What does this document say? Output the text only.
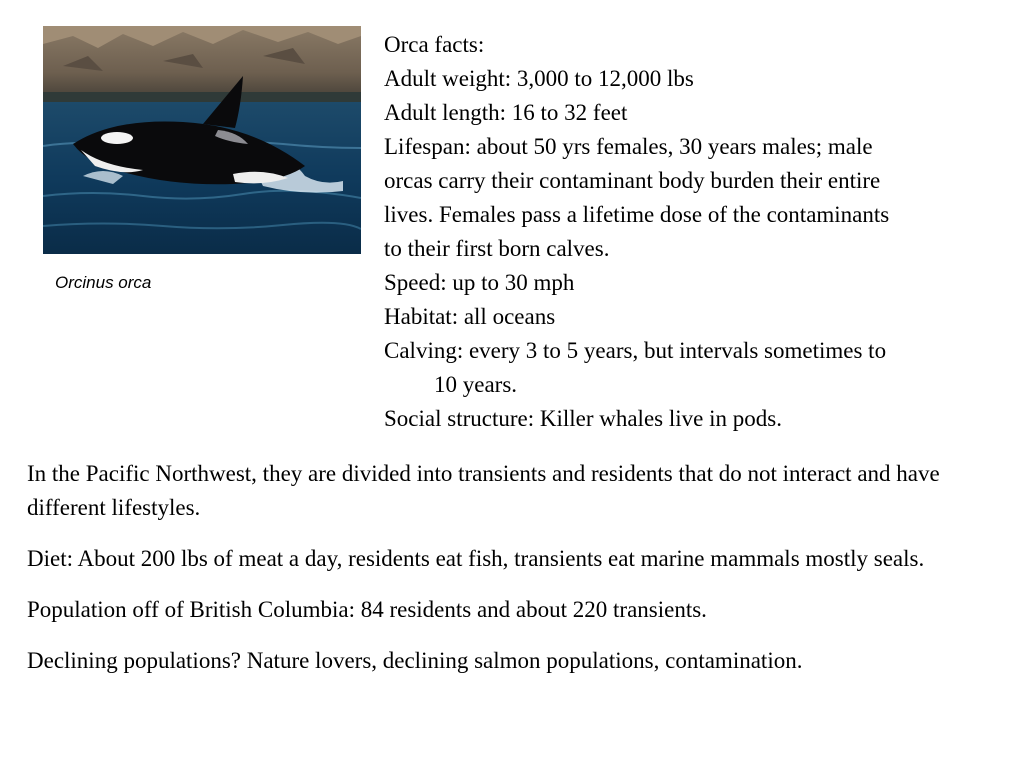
Orcinus orca
Orca facts:
Adult weight: 3,000 to 12,000 lbs
Adult length: 16 to 32 feet
Lifespan: about 50 yrs females, 30 years males; male
orcas carry their contaminant body burden their entire
lives. Females pass a lifetime dose of the contaminants
to their first born calves.
Speed: up to 30 mph
Habitat: all oceans
Calving: every 3 to 5 years, but intervals sometimes to
10 years.
Social structure: Killer whales live in pods.

In the Pacific Northwest, they are divided into transients and residents that do not interact and have different lifestyles.

Diet: About 200 lbs of meat a day, residents eat fish, transients eat marine mammals mostly seals.

Population off of British Columbia: 84 residents and about 220 transients.

Declining populations? Nature lovers, declining salmon populations, contamination.
